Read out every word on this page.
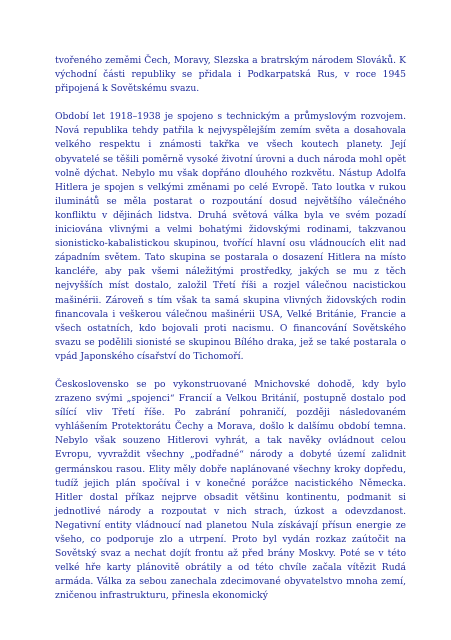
tvořeného zeměmi Čech, Moravy, Slezska a bratrským národem Slováků. K východní části republiky se přidala i Podkarpatská Rus, v roce 1945 připojená k Sovětskému svazu.

Období let 1918–1938 je spojeno s technickým a průmyslovým rozvojem. Nová republika tehdy patřila k nejvyspělejším zemím světa a dosahovala velkého respektu i známosti takřka ve všech koutech planety. Její obyvatelé se těšili poměrně vysoké životní úrovni a duch národa mohl opět volně dýchat. Nebylo mu však dopřáno dlouhého rozkvětu. Nástup Adolfa Hitlera je spojen s velkými změnami po celé Evropě. Tato loutka v rukou iluminátů se měla postarat o rozpoutání dosud největšího válečného konfliktu v dějinách lidstva. Druhá světová válka byla ve svém pozadí iniciována vlivnými a velmi bohatými židovskými rodinami, takzvanou sionisticko-kabalistickou skupinou, tvořící hlavní osu vládnoucích elit nad západním světem. Tato skupina se postarala o dosazení Hitlera na místo kancléře, aby pak všemi náležitými prostředky, jakých se mu z těch nejvyšších míst dostalo, založil Třetí říši a rozjel válečnou nacistickou mašinérii. Zároveň s tím však ta samá skupina vlivných židovských rodin financovala i veškerou válečnou mašinérii USA, Velké Británie, Francie a všech ostatních, kdo bojovali proti nacismu. O financování Sovětského svazu se podělili sionisté se skupinou Bílého draka, jež se také postarala o vpád Japonského císařství do Tichomoří.

Československo se po vykonstruované Mnichovské dohodě, kdy bylo zrazeno svými „spojenci“ Francií a Velkou Británií, postupně dostalo pod sílící vliv Třetí říše. Po zabrání pohraničí, později následovaném vyhlášením Protektorátu Čechy a Morava, došlo k dalšímu období temna. Nebylo však souzeno Hitlerovi vyhrát, a tak navěky ovládnout celou Evropu, vyvraždit všechny „podřadné“ národy a dobyté území zalidnit germánskou rasou. Elity měly dobře naplánované všechny kroky dopředu, tudíž jejich plán spočíval i v konečné porážce nacistického Německa. Hitler dostal příkaz nejprve obsadit většinu kontinentu, podmanit si jednotlivé národy a rozpoutat v nich strach, úzkost a odevzdanost. Negativní entity vládnoucí nad planetou Nula získávají přísun energie ze všeho, co podporuje zlo a utrpení. Proto byl vydán rozkaz zaútočit na Sovětský svaz a nechat dojít frontu až před brány Moskvy. Poté se v této velké hře karty plánovitě obrátily a od této chvíle začala vítězit Rudá armáda. Válka za sebou zanechala zdecimované obyvatelstvo mnoha zemí, zničenou infrastrukturu, přinesla ekonomický
